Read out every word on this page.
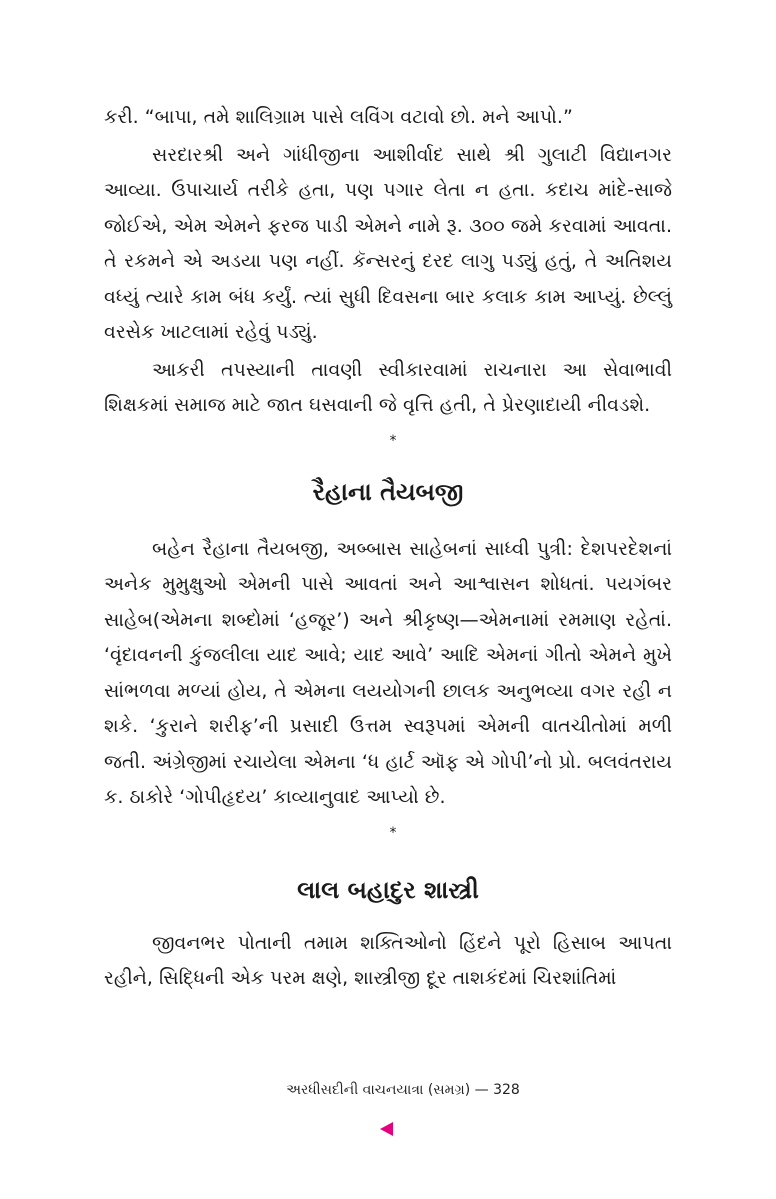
કરી. “બાપા, તમે શાલિગ્રામ પાસે લવિંગ વટાવો છો. મને આપો.”

સરદારશ્રી અને ગાંધીજીના આશીર્વાદ સાથે શ્રી ગુલાટી વિદ્યાનગર આવ્યા. ઉપાચાર્ય તરીકે હતા, પણ પગાર લેતા ન હતા. કદાચ માંદે-સાજે જોઈએ, એમ એમને ફરજ પાડી એમને નામે રૂ. ૩૦૦ જમે કરવામાં આવતા. તે રકમને એ અડયા પણ નહીં. કૅન્સરનું દરદ લાગુ પડ્યું હતું, તે અતિશય વધ્યું ત્યારે કામ બંધ કર્યું. ત્યાં સુધી દિવસના બાર કલાક કામ આપ્યું. છેલ્લું વરસેક ખાટલામાં રહેવું પડ્યું.

આકરી તપસ્યાની તાવણી સ્વીકારવામાં રાચનારા આ સેવાભાવી શિક્ષકમાં સમાજ માટે જાત ઘસવાની જે વૃત્તિ હતી, તે પ્રેરણાદાયી નીવડશે.

*
રૈહાના તૈયબજી

બહેન રૈહાના તૈયબજી, અબ્બાસ સાહેબનાં સાધ્વી પુત્રી: દેશપરદેશનાં અનેક મુમુક્ષુઓ એમની પાસે આવતાં અને આશ્વાસન શોધતાં. પયગંબર સાહેબ(એમના શબ્દોમાં ‘હજૂર’) અને શ્રીકૃષ્ણ—એમનામાં રમમાણ રહેતાં. ‘વૃંદાવનની કુંજલીલા યાદ આવે; યાદ આવે’ આદિ એમનાં ગીતો એમને મુખે સાંભળવા મળ્યાં હોય, તે એમના લયયોગની છાલક અનુભવ્યા વગર રહી ન શકે. ‘કુરાને શરીફ’ની પ્રસાદી ઉત્તમ સ્વરૂપમાં એમની વાતચીતોમાં મળી જતી. અંગ્રેજીમાં રચાયેલા એમના ‘ધ હાર્ટ ઑફ એ ગોપી’નો પ્રો. બલવંતરાય ક. ઠાકોરે ‘ગોપીહૃદય’ કાવ્યાનુવાદ આપ્યો છે.

*
લાલ બહાદુર શાસ્ત્રી

જીવનભર પોતાની તમામ શક્તિઓનો હિંદને પૂરો હિસાબ આપતા રહીને, સિદ્ધિની એક પરમ ક્ષણે, શાસ્ત્રીજી દૂર તાશકંદમાં ચિરશાંતિમાં

અરધીસદીની વાચનયાત્રા (સમગ્ર) — 328
